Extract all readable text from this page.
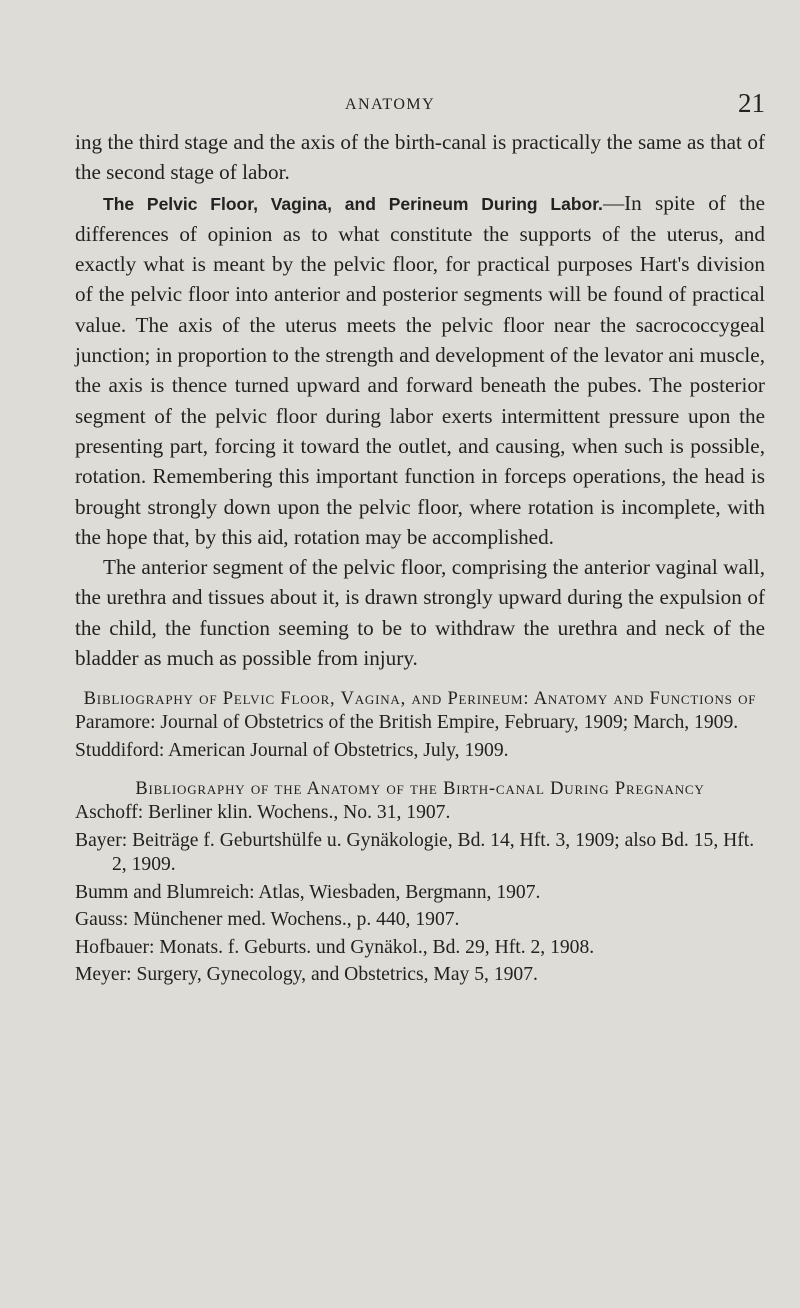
ANATOMY	21

ing the third stage and the axis of the birth-canal is practically the same as that of the second stage of labor.

The Pelvic Floor, Vagina, and Perineum During Labor.—In spite of the differences of opinion as to what constitute the supports of the uterus, and exactly what is meant by the pelvic floor, for practical purposes Hart's division of the pelvic floor into anterior and posterior segments will be found of practical value. The axis of the uterus meets the pelvic floor near the sacrococcygeal junction; in proportion to the strength and development of the levator ani muscle, the axis is thence turned upward and forward beneath the pubes. The posterior segment of the pelvic floor during labor exerts intermittent pressure upon the presenting part, forcing it toward the outlet, and causing, when such is possible, rotation. Remembering this important function in forceps operations, the head is brought strongly down upon the pelvic floor, where rotation is incomplete, with the hope that, by this aid, rotation may be accomplished.

The anterior segment of the pelvic floor, comprising the anterior vaginal wall, the urethra and tissues about it, is drawn strongly upward during the expulsion of the child, the function seeming to be to withdraw the urethra and neck of the bladder as much as possible from injury.

Bibliography of Pelvic Floor, Vagina, and Perineum: Anatomy and Functions of

Paramore: Journal of Obstetrics of the British Empire, February, 1909; March, 1909.
Studdiford: American Journal of Obstetrics, July, 1909.

Bibliography of the Anatomy of the Birth-canal During Pregnancy

Aschoff: Berliner klin. Wochens., No. 31, 1907.
Bayer: Beiträge f. Geburtshülfe u. Gynäkologie, Bd. 14, Hft. 3, 1909; also Bd. 15, Hft. 2, 1909.
Bumm and Blumreich: Atlas, Wiesbaden, Bergmann, 1907.
Gauss: Münchener med. Wochens., p. 440, 1907.
Hofbauer: Monats. f. Geburts. und Gynäkol., Bd. 29, Hft. 2, 1908.
Meyer: Surgery, Gynecology, and Obstetrics, May 5, 1907.
